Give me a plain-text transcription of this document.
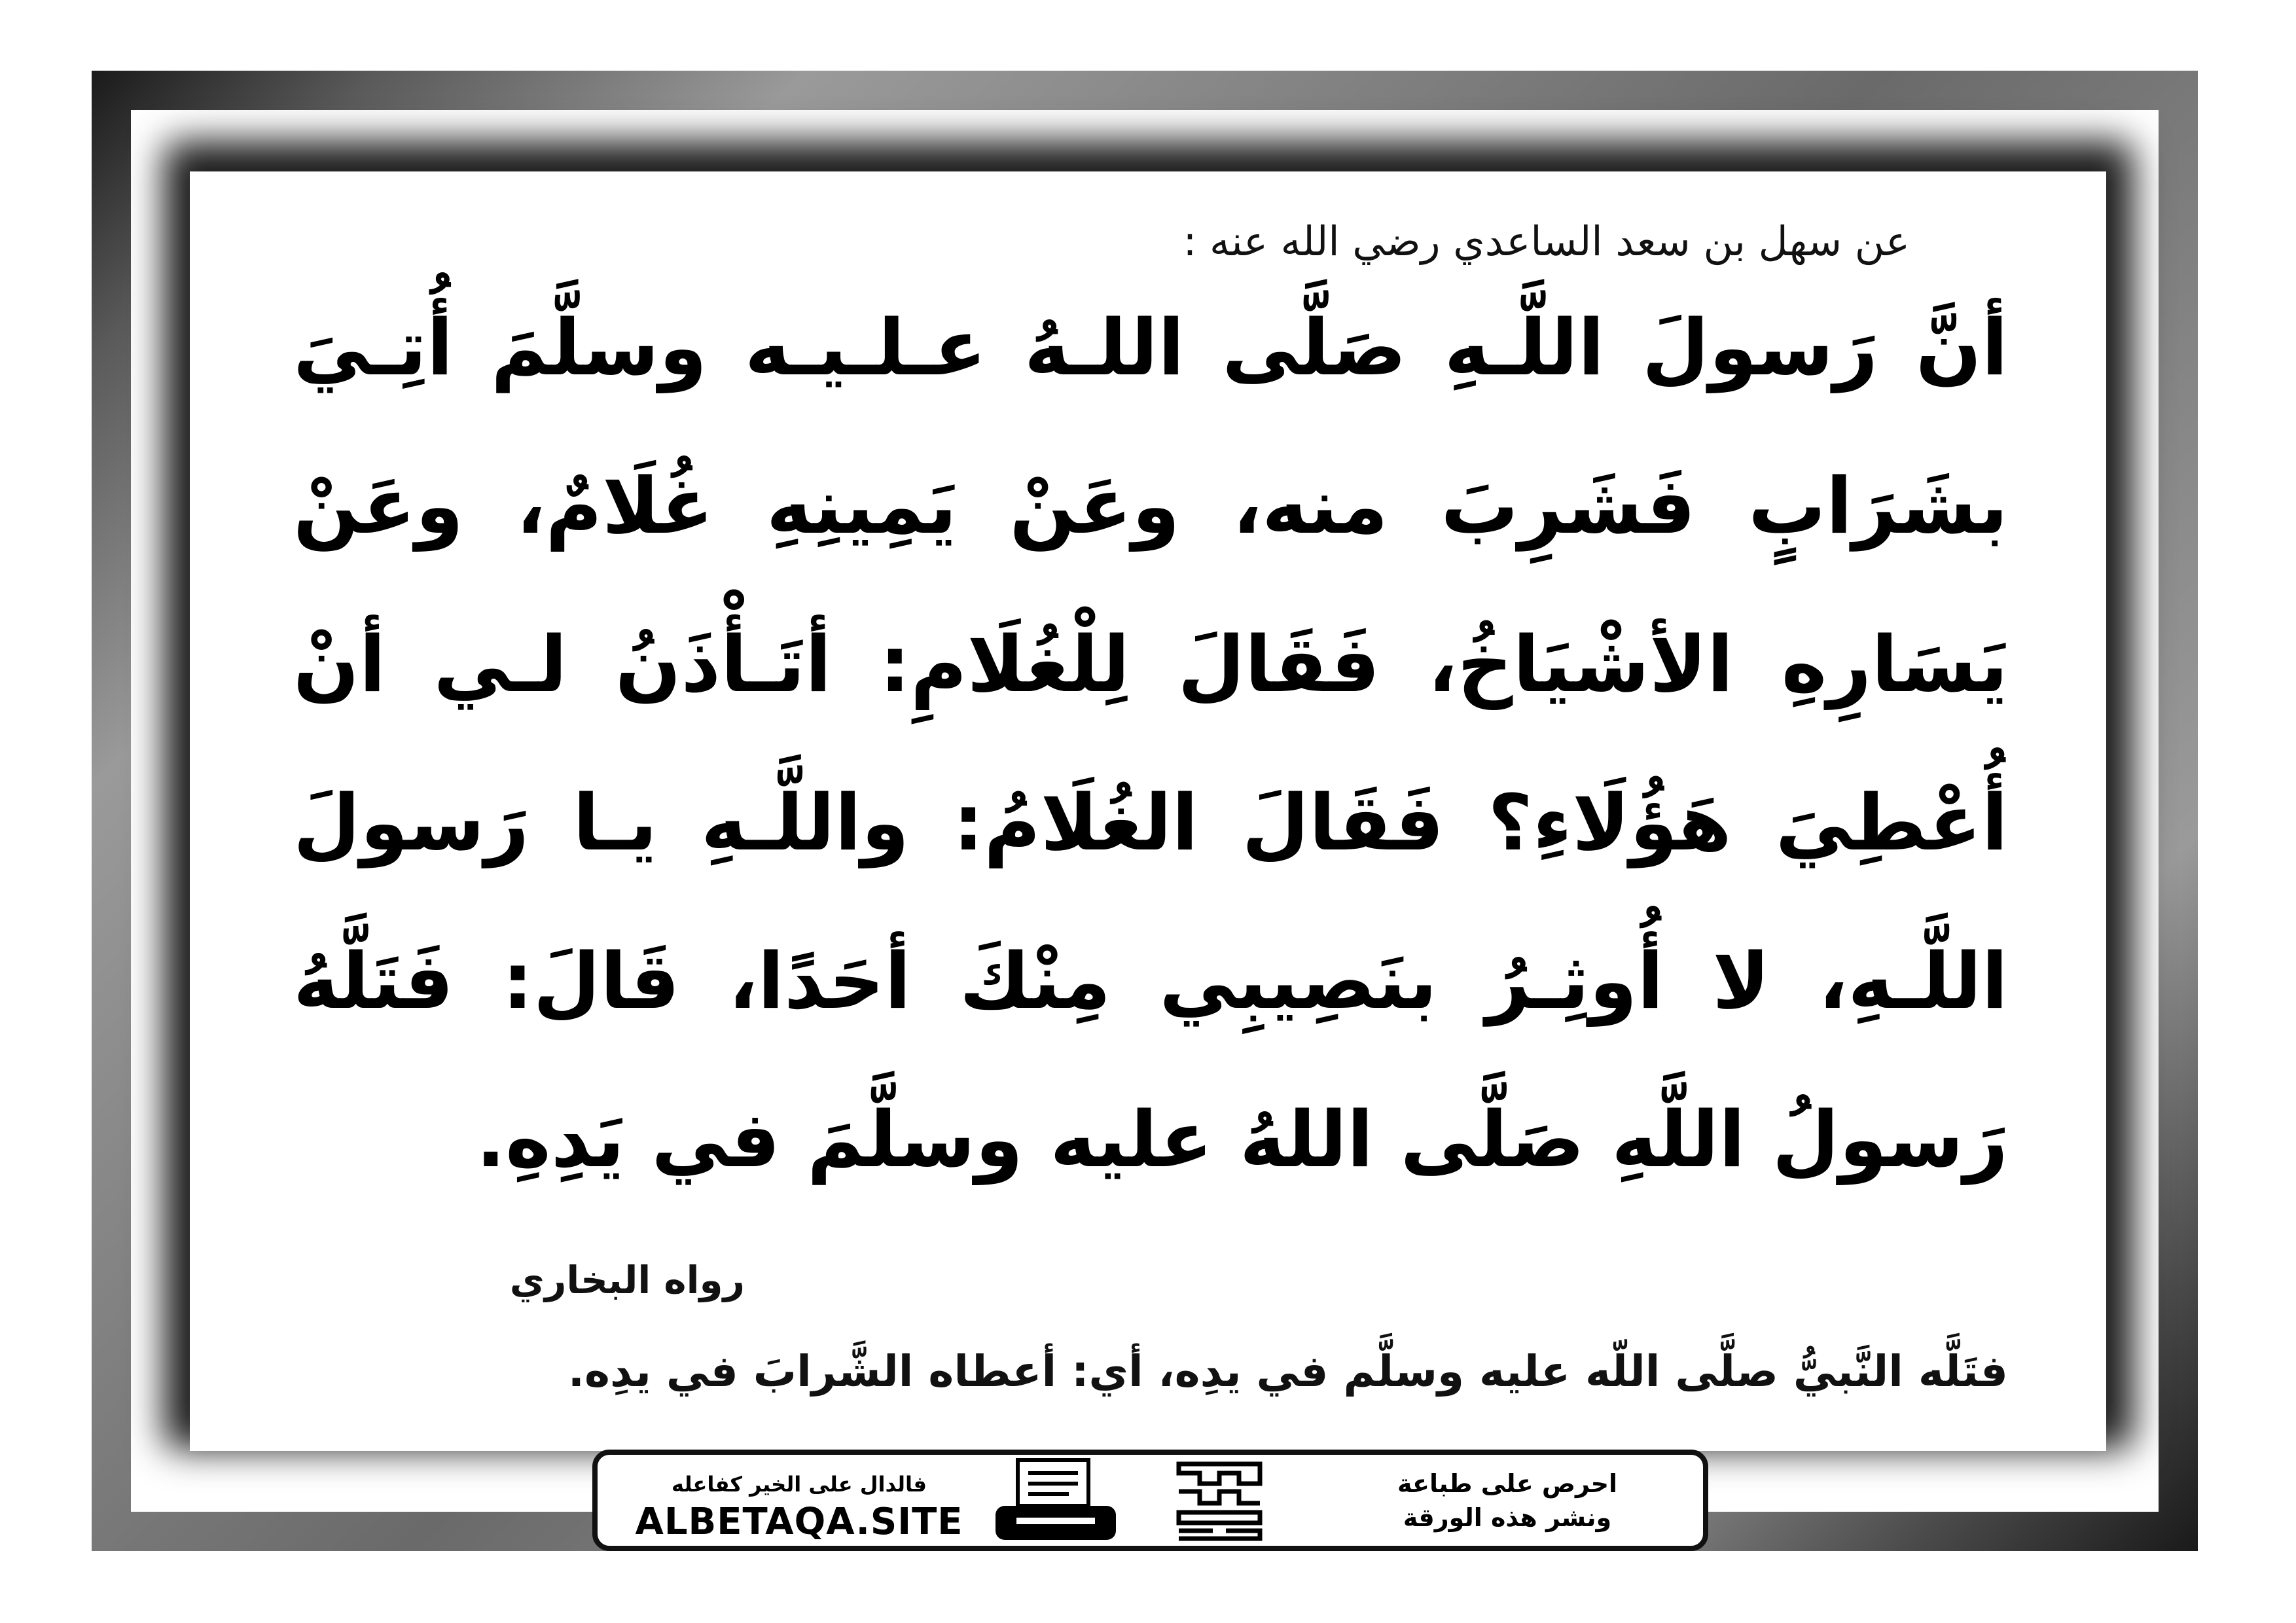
عن سهل بن سعد الساعدي رضي الله عنه :
أنَّ رَسولَ اللَّـهِ صَلَّى اللـهُ عـلـيـه وسلَّمَ أُتِـيَ
بشَرَابٍ فَشَرِبَ منه، وعَنْ يَمِينِهِ غُلَامٌ، وعَنْ
يَسَارِهِ الأشْيَاخُ، فَقَالَ لِلْغُلَامِ: أتَـأْذَنُ لـي أنْ
أُعْطِيَ هَؤُلَاءِ؟ فَقَالَ الغُلَامُ: واللَّـهِ يـا رَسولَ
اللَّـهِ، لا أُوثِـرُ بنَصِيبِي مِنْكَ أحَدًا، قَالَ: فَتَلَّهُ
رَسولُ اللَّهِ صَلَّى اللهُ عليه وسلَّمَ في يَدِهِ.
رواه البخاري
فتَلَّه النَّبيُّ صلَّى اللّه عليه وسلَّم في يدِه، أي: أعطاه الشَّرابَ في يدِه.
فالدال على الخير كفاعله
ALBETAQA.SITE
احرص على طباعة
ونشر هذه الورقة
